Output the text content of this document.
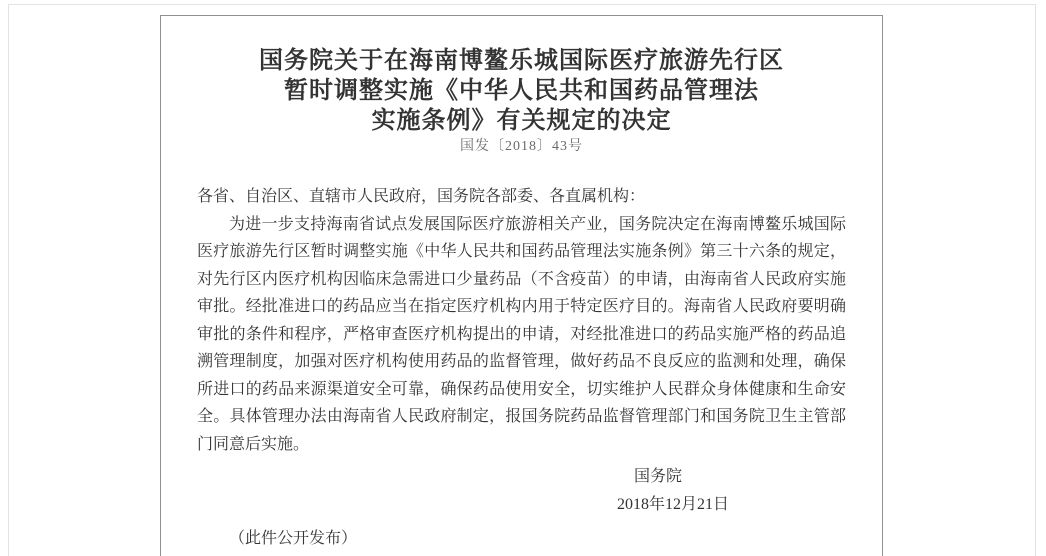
国务院关于在海南博鳌乐城国际医疗旅游先行区
暂时调整实施《中华人民共和国药品管理法
实施条例》有关规定的决定
国发〔2018〕43号

各省、自治区、直辖市人民政府，国务院各部委、各直属机构：

为进一步支持海南省试点发展国际医疗旅游相关产业，国务院决定在海南博鳌乐城国际医疗旅游先行区暂时调整实施《中华人民共和国药品管理法实施条例》第三十六条的规定，对先行区内医疗机构因临床急需进口少量药品（不含疫苗）的申请，由海南省人民政府实施审批。经批准进口的药品应当在指定医疗机构内用于特定医疗目的。海南省人民政府要明确审批的条件和程序，严格审查医疗机构提出的申请，对经批准进口的药品实施严格的药品追溯管理制度，加强对医疗机构使用药品的监督管理，做好药品不良反应的监测和处理，确保所进口的药品来源渠道安全可靠，确保药品使用安全，切实维护人民群众身体健康和生命安全。具体管理办法由海南省人民政府制定，报国务院药品监督管理部门和国务院卫生主管部门同意后实施。

国务院
2018年12月21日
（此件公开发布）
